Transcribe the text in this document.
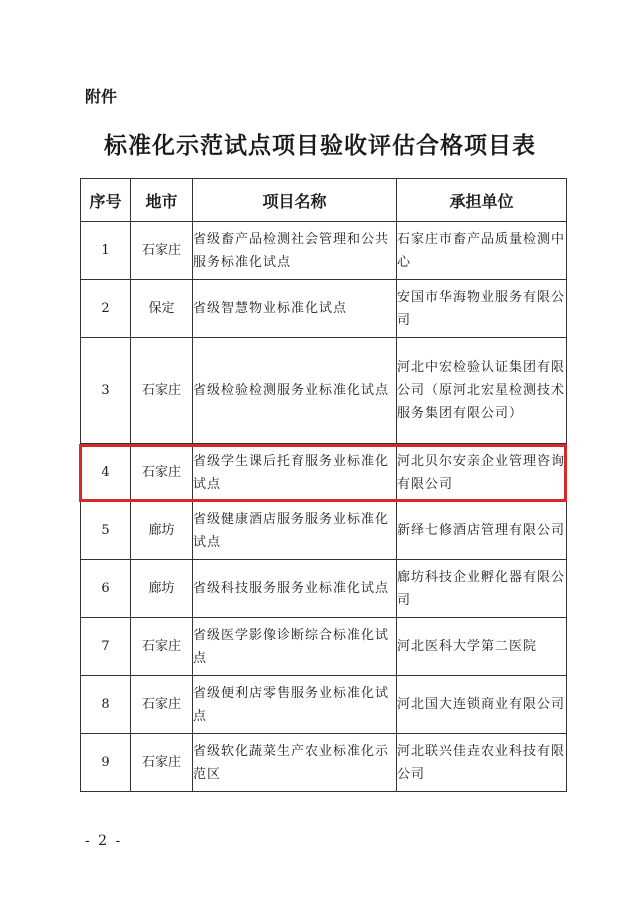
附件
标准化示范试点项目验收评估合格项目表
序号	地市	项目名称	承担单位
1	石家庄	省级畜产品检测社会管理和公共服务标准化试点	石家庄市畜产品质量检测中心
2	保定	省级智慧物业标准化试点	安国市华海物业服务有限公司
3	石家庄	省级检验检测服务业标准化试点	河北中宏检验认证集团有限公司（原河北宏星检测技术服务集团有限公司）
4	石家庄	省级学生课后托育服务业标准化试点	河北贝尔安亲企业管理咨询有限公司
5	廊坊	省级健康酒店服务服务业标准化试点	新绎七修酒店管理有限公司
6	廊坊	省级科技服务服务业标准化试点	廊坊科技企业孵化器有限公司
7	石家庄	省级医学影像诊断综合标准化试点	河北医科大学第二医院
8	石家庄	省级便利店零售服务业标准化试点	河北国大连锁商业有限公司
9	石家庄	省级软化蔬菜生产农业标准化示范区	河北联兴佳垚农业科技有限公司
- 2 -
